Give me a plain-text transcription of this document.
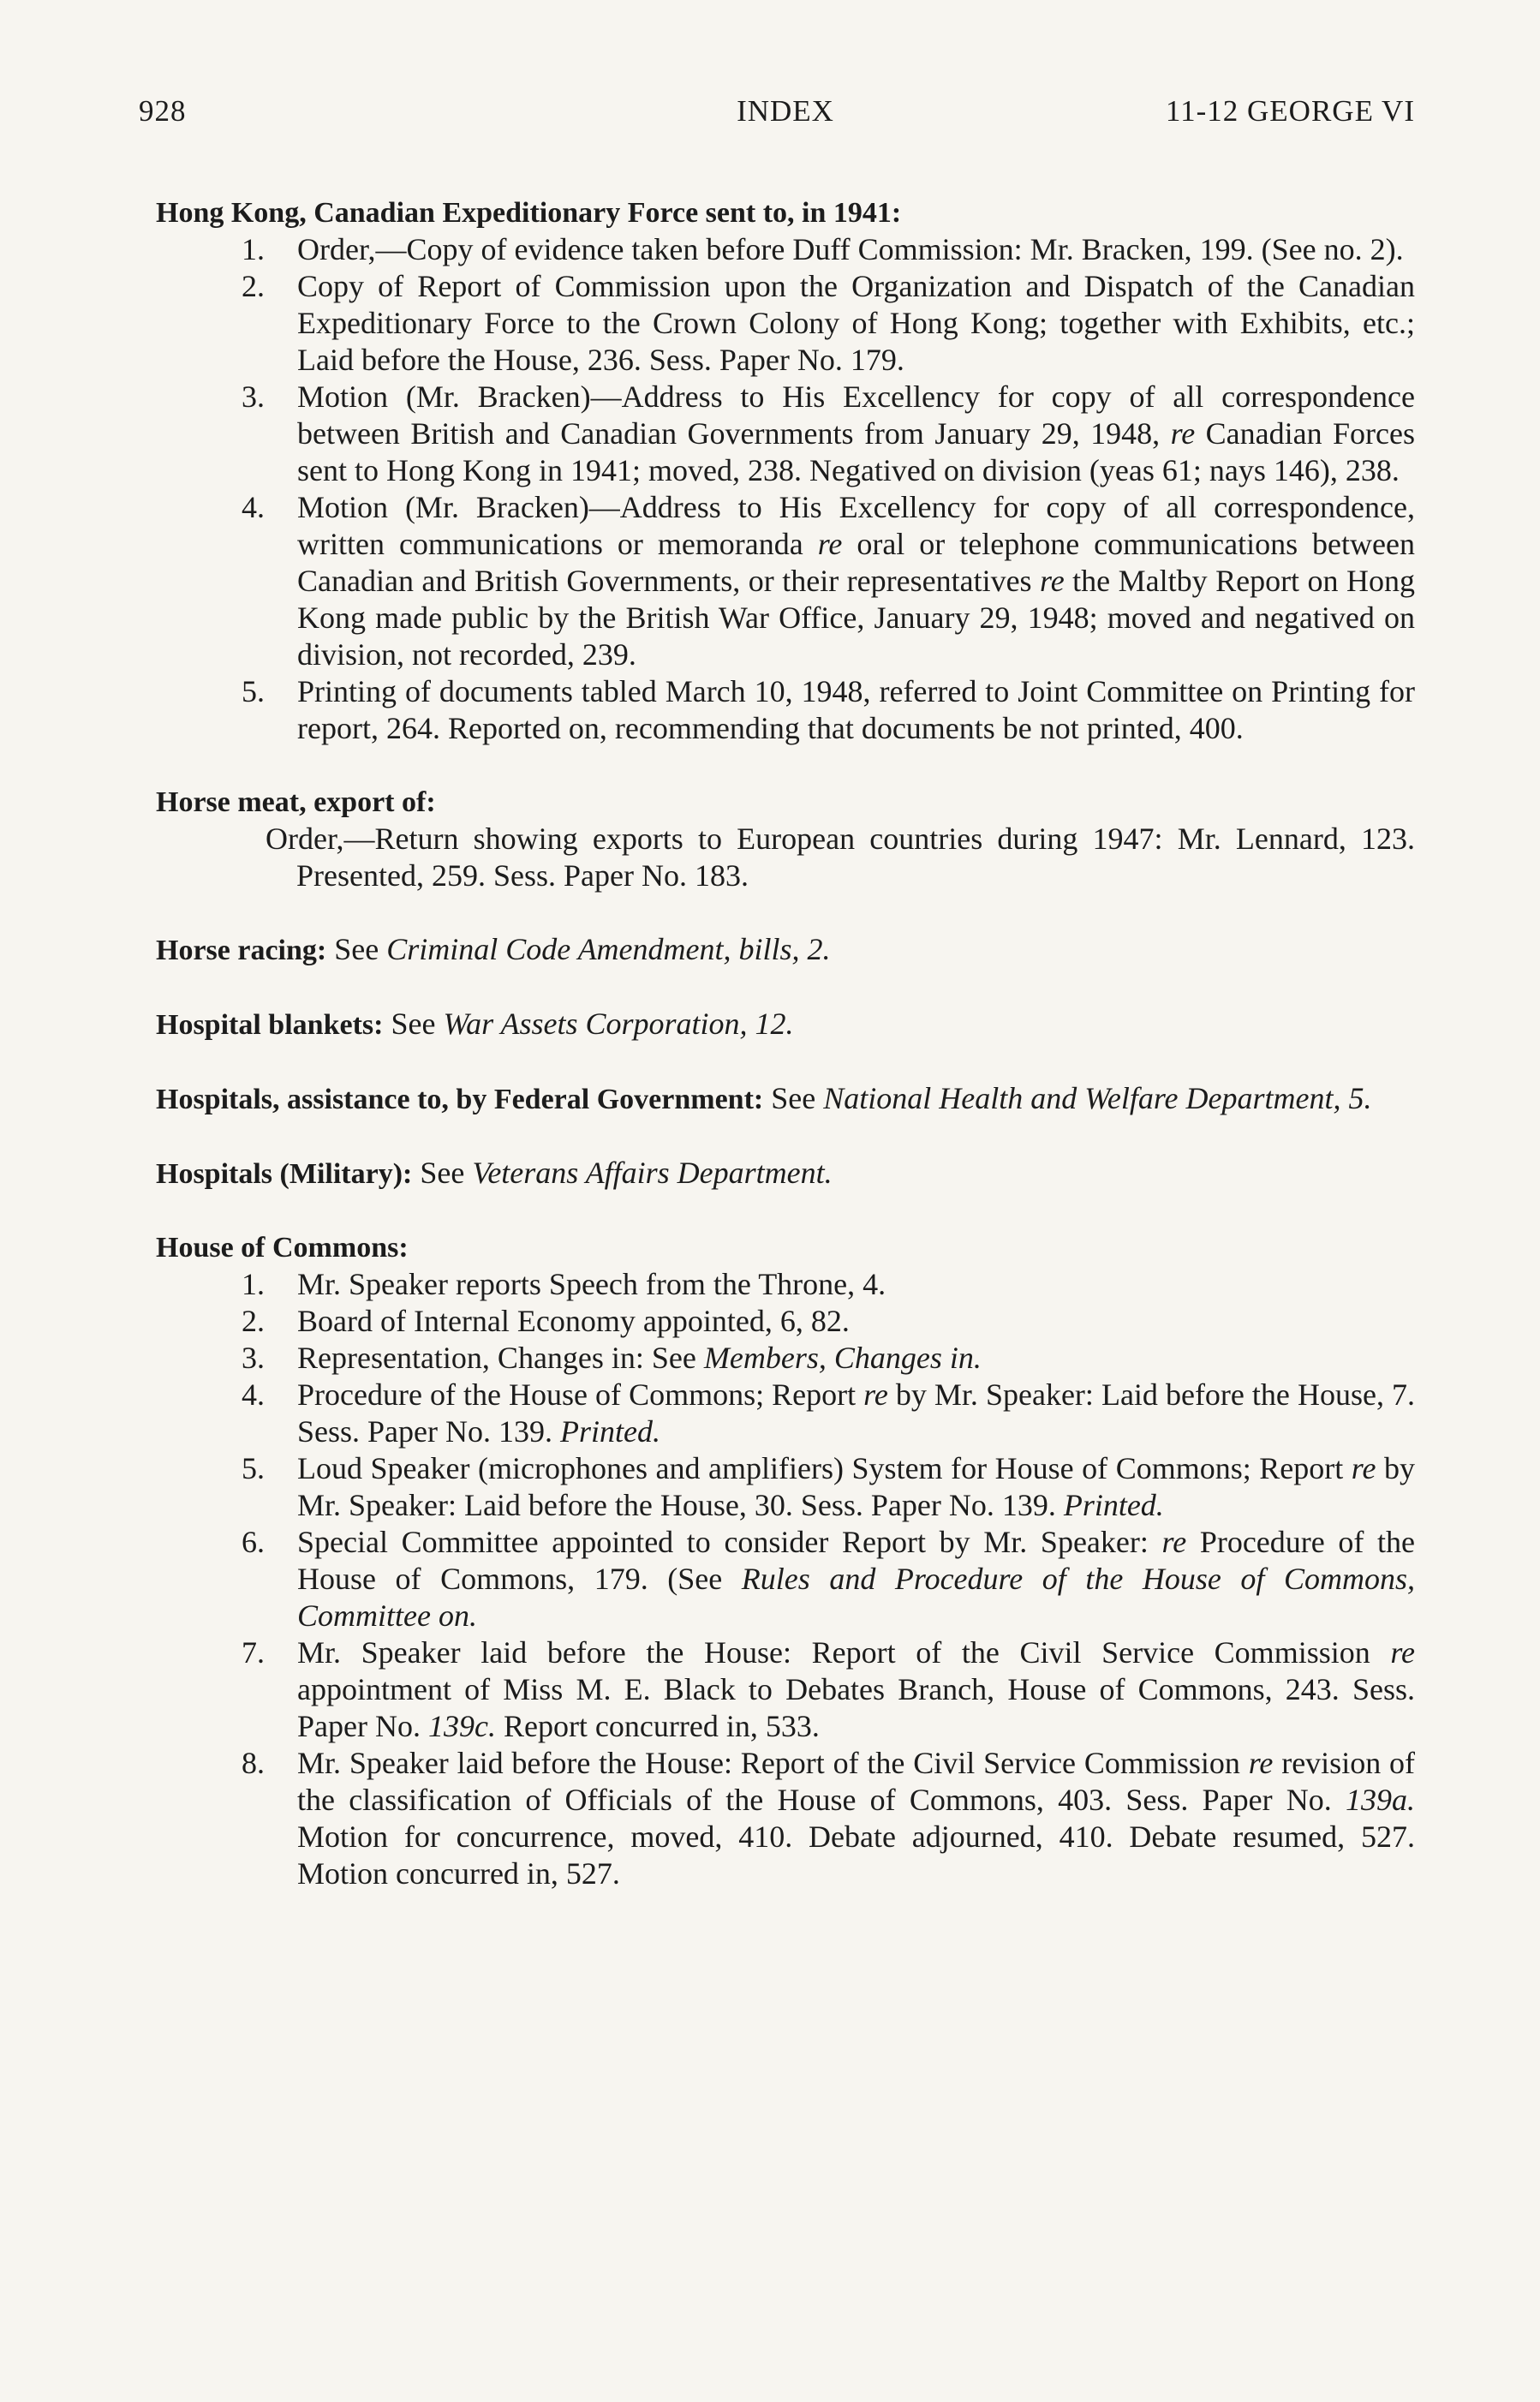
928	INDEX	11-12 GEORGE VI
Hong Kong, Canadian Expeditionary Force sent to, in 1941:
1.	Order,—Copy of evidence taken before Duff Commission: Mr. Bracken, 199. (See no. 2).
2.	Copy of Report of Commission upon the Organization and Dispatch of the Canadian Expeditionary Force to the Crown Colony of Hong Kong; together with Exhibits, etc.; Laid before the House, 236. Sess. Paper No. 179.
3.	Motion (Mr. Bracken)—Address to His Excellency for copy of all correspondence between British and Canadian Governments from January 29, 1948, re Canadian Forces sent to Hong Kong in 1941; moved, 238. Negatived on division (yeas 61; nays 146), 238.
4.	Motion (Mr. Bracken)—Address to His Excellency for copy of all correspondence, written communications or memoranda re oral or telephone communications between Canadian and British Governments, or their representatives re the Maltby Report on Hong Kong made public by the British War Office, January 29, 1948; moved and negatived on division, not recorded, 239.
5.	Printing of documents tabled March 10, 1948, referred to Joint Committee on Printing for report, 264. Reported on, recommending that documents be not printed, 400.
Horse meat, export of:
Order,—Return showing exports to European countries during 1947: Mr. Lennard, 123. Presented, 259. Sess. Paper No. 183.
Horse racing: See Criminal Code Amendment, bills, 2.
Hospital blankets: See War Assets Corporation, 12.
Hospitals, assistance to, by Federal Government: See National Health and Welfare Department, 5.
Hospitals (Military): See Veterans Affairs Department.
House of Commons:
1.	Mr. Speaker reports Speech from the Throne, 4.
2.	Board of Internal Economy appointed, 6, 82.
3.	Representation, Changes in: See Members, Changes in.
4.	Procedure of the House of Commons; Report re by Mr. Speaker: Laid before the House, 7. Sess. Paper No. 139. Printed.
5.	Loud Speaker (microphones and amplifiers) System for House of Commons; Report re by Mr. Speaker: Laid before the House, 30. Sess. Paper No. 139. Printed.
6.	Special Committee appointed to consider Report by Mr. Speaker: re Procedure of the House of Commons, 179. (See Rules and Procedure of the House of Commons, Committee on.
7.	Mr. Speaker laid before the House: Report of the Civil Service Commission re appointment of Miss M. E. Black to Debates Branch, House of Commons, 243. Sess. Paper No. 139c. Report concurred in, 533.
8.	Mr. Speaker laid before the House: Report of the Civil Service Commission re revision of the classification of Officials of the House of Commons, 403. Sess. Paper No. 139a. Motion for concurrence, moved, 410. Debate adjourned, 410. Debate resumed, 527. Motion concurred in, 527.
